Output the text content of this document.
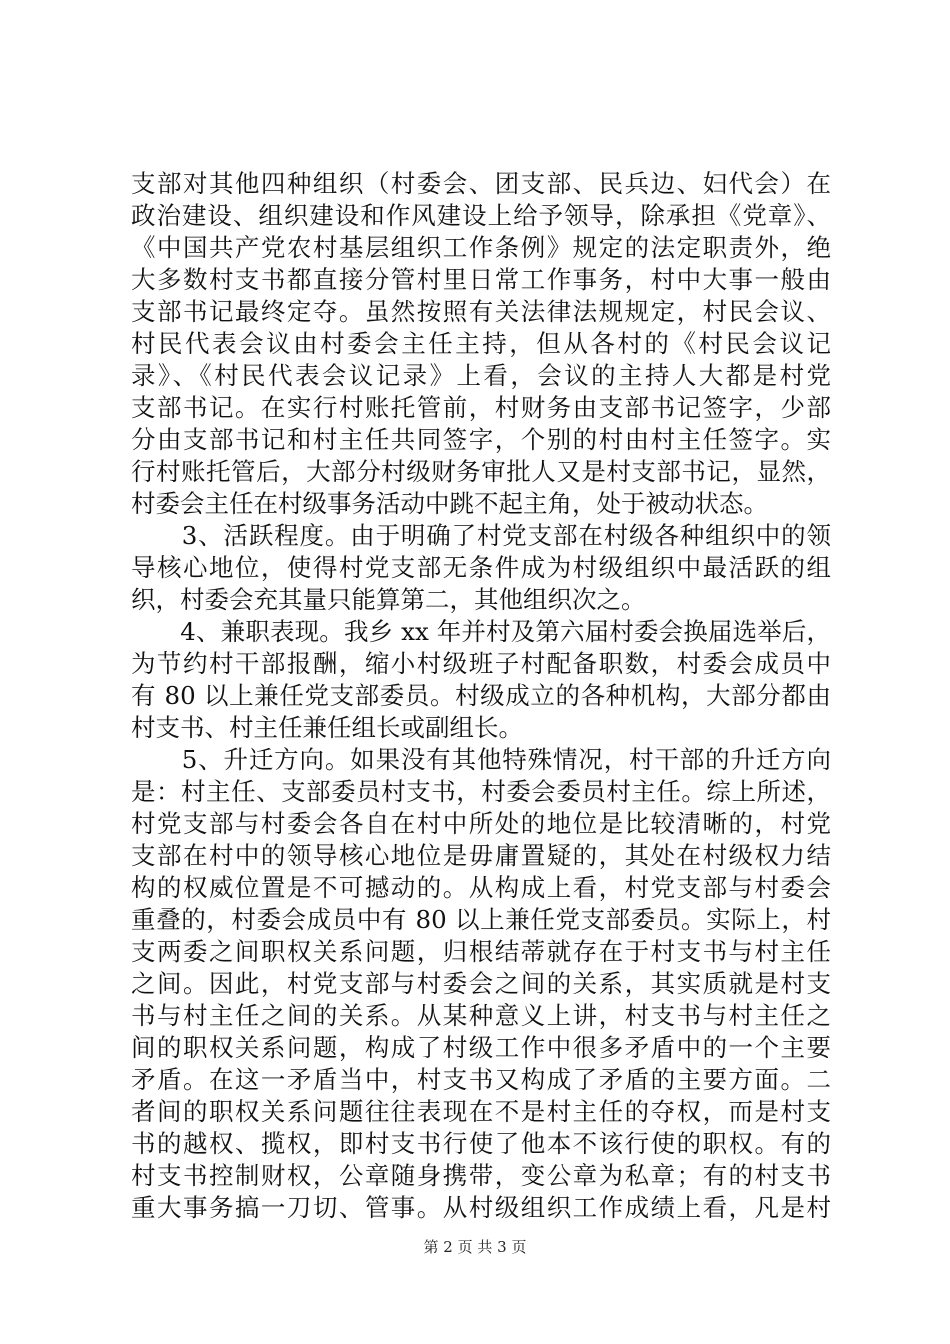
支部对其他四种组织（村委会、团支部、民兵边、妇代会）在
政治建设、组织建设和作风建设上给予领导，除承担《党章》、
《中国共产党农村基层组织工作条例》规定的法定职责外，绝
大多数村支书都直接分管村里日常工作事务，村中大事一般由
支部书记最终定夺。虽然按照有关法律法规规定，村民会议、
村民代表会议由村委会主任主持，但从各村的《村民会议记
录》、《村民代表会议记录》上看，会议的主持人大都是村党
支部书记。在实行村账托管前，村财务由支部书记签字，少部
分由支部书记和村主任共同签字，个别的村由村主任签字。实
行村账托管后，大部分村级财务审批人又是村支部书记，显然，
村委会主任在村级事务活动中跳不起主角，处于被动状态。
　　3、活跃程度。由于明确了村党支部在村级各种组织中的领
导核心地位，使得村党支部无条件成为村级组织中最活跃的组
织，村委会充其量只能算第二，其他组织次之。
　　4、兼职表现。我乡 xx 年并村及第六届村委会换届选举后，
为节约村干部报酬，缩小村级班子村配备职数，村委会成员中
有 80 以上兼任党支部委员。村级成立的各种机构，大部分都由
村支书、村主任兼任组长或副组长。
　　5、升迁方向。如果没有其他特殊情况，村干部的升迁方向
是：村主任、支部委员村支书，村委会委员村主任。综上所述，
村党支部与村委会各自在村中所处的地位是比较清晰的，村党
支部在村中的领导核心地位是毋庸置疑的，其处在村级权力结
构的权威位置是不可撼动的。从构成上看，村党支部与村委会
重叠的，村委会成员中有 80 以上兼任党支部委员。实际上，村
支两委之间职权关系问题，归根结蒂就存在于村支书与村主任
之间。因此，村党支部与村委会之间的关系，其实质就是村支
书与村主任之间的关系。从某种意义上讲，村支书与村主任之
间的职权关系问题，构成了村级工作中很多矛盾中的一个主要
矛盾。在这一矛盾当中，村支书又构成了矛盾的主要方面。二
者间的职权关系问题往往表现在不是村主任的夺权，而是村支
书的越权、揽权，即村支书行使了他本不该行使的职权。有的
村支书控制财权，公章随身携带，变公章为私章；有的村支书
重大事务搞一刀切、管事。从村级组织工作成绩上看，凡是村
第 2 页 共 3 页
